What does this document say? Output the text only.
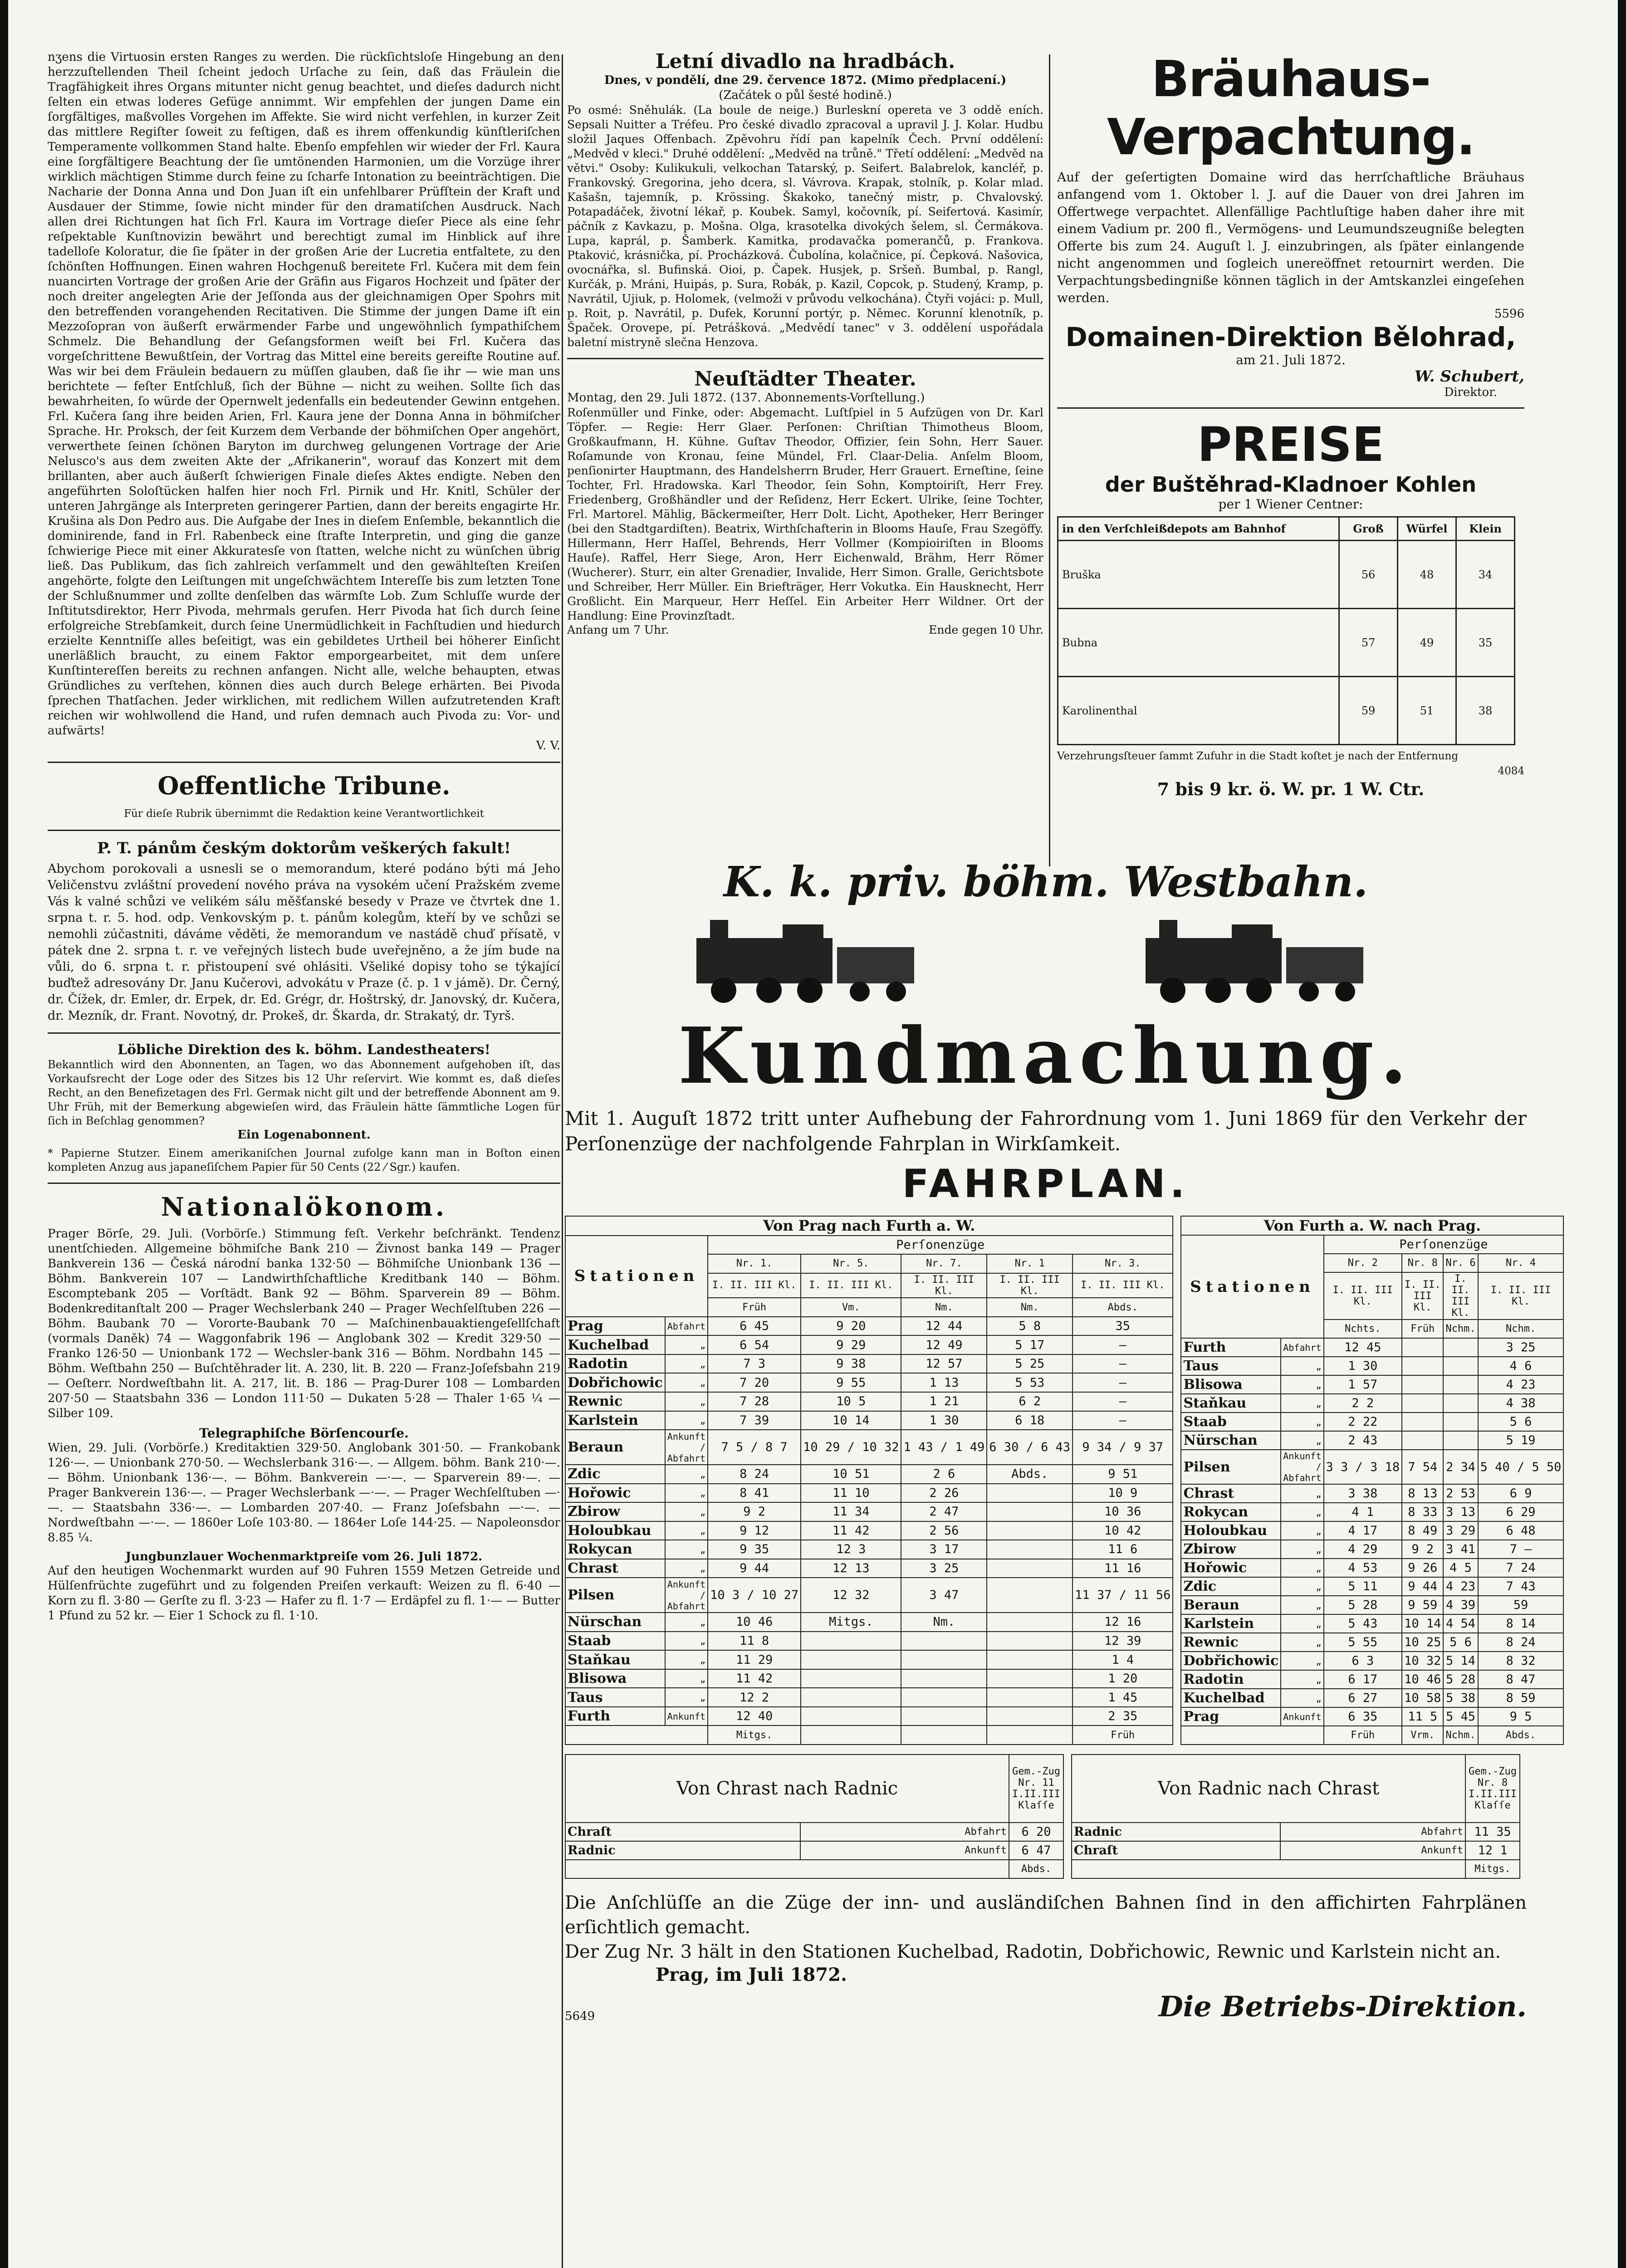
nʒens die Virtuosin ersten Ranges zu werden. Die rückſichtsloſe Hingebung an den herzzuſtellenden Theil ſcheint jedoch Urſache zu ſein, daß das Fräulein die Tragfähigkeit ihres Organs mitunter nicht genug beachtet, und dieſes dadurch nicht ſelten ein etwas loderes Gefüge annimmt. Wir empfehlen der jungen Dame ein ſorgfältiges, maßvolles Vorgehen im Affekte. Sie wird nicht verfehlen, in kurzer Zeit das mittlere Regiſter ſoweit zu feſtigen, daß es ihrem offenkundig künſtleriſchen Temperamente vollkommen Stand halte. Ebenſo empfehlen wir wieder der Frl. Kaura eine ſorgfältigere Beachtung der ſie umtönenden Harmonien, um die Vorzüge ihrer wirklich mächtigen Stimme durch feine zu ſcharfe Intonation zu beeinträchtigen. Die Nacharie der Donna Anna und Don Juan iſt ein unfehlbarer Prüfſtein der Kraft und Ausdauer der Stimme, ſowie nicht minder für den dramatiſchen Ausdruck. Nach allen drei Richtungen hat ſich Frl. Kaura im Vortrage dieſer Piece als eine ſehr reſpektable Kunſtnovizin bewährt und berechtigt zumal im Hinblick auf ihre tadelloſe Koloratur, die ſie ſpäter in der großen Arie der Lucretia entfaltete, zu den ſchönſten Hoffnungen. Einen wahren Hochgenuß bereitete Frl. Kučera mit dem fein nuancirten Vortrage der großen Arie der Gräfin aus Figaros Hochzeit und ſpäter der noch dreiter angelegten Arie der Jeſſonda aus der gleichnamigen Oper Spohrs mit den betreffenden vorangehenden Recitativen. Die Stimme der jungen Dame iſt ein Mezzoſopran von äußerſt erwärmender Farbe und ungewöhnlich ſympathiſchem Schmelz. Die Behandlung der Geſangsformen weiſt bei Frl. Kučera das vorgeſchrittene Bewußtſein, der Vortrag das Mittel eine bereits gereifte Routine auf. Was wir bei dem Fräulein bedauern zu müſſen glauben, daß ſie ihr — wie man uns berichtete — feſter Entſchluß, ſich der Bühne — nicht zu weihen. Sollte ſich das bewahrheiten, ſo würde der Opernwelt jedenfalls ein bedeutender Gewinn entgehen. Frl. Kučera ſang ihre beiden Arien, Frl. Kaura jene der Donna Anna in böhmiſcher Sprache. Hr. Proksch, der ſeit Kurzem dem Verbande der böhmiſchen Oper angehört, verwerthete ſeinen ſchönen Baryton im durchweg gelungenen Vortrage der Arie Nelusco's aus dem zweiten Akte der „Afrikanerin", worauf das Konzert mit dem brillanten, aber auch äußerſt ſchwierigen Finale dieſes Aktes endigte. Neben den angeführten Soloſtücken halfen hier noch Frl. Pirnik und Hr. Knitl, Schüler der unteren Jahrgänge als Interpreten geringerer Partien, dann der bereits engagirte Hr. Krušina als Don Pedro aus. Die Aufgabe der Ines in dieſem Enſemble, bekanntlich die dominirende, fand in Frl. Rabenbeck eine ſtrafte Interpretin, und ging die ganze ſchwierige Piece mit einer Akkuratesſe von ſtatten, welche nicht zu wünſchen übrig ließ. Das Publikum, das ſich zahlreich verſammelt und den gewählteſten Kreiſen angehörte, folgte den Leiſtungen mit ungeſchwächtem Intereſſe bis zum letzten Tone der Schlußnummer und zollte denſelben das wärmſte Lob. Zum Schluſſe wurde der Inſtitutsdirektor, Herr Pivoda, mehrmals gerufen. Herr Pivoda hat ſich durch ſeine erfolgreiche Strebſamkeit, durch ſeine Unermüdlichkeit in Fachſtudien und hiedurch erzielte Kenntniſſe alles beſeitigt, was ein gebildetes Urtheil bei höherer Einſicht unerläßlich braucht, zu einem Faktor emporgearbeitet, mit dem unſere Kunſtintereſſen bereits zu rechnen anfangen. Nicht alle, welche behaupten, etwas Gründliches zu verſtehen, können dies auch durch Belege erhärten. Bei Pivoda ſprechen Thatſachen. Jeder wirklichen, mit redlichem Willen aufzutretenden Kraft reichen wir wohlwollend die Hand, und rufen demnach auch Pivoda zu: Vor- und aufwärts!

V. V.

Oeffentliche Tribune.

Für dieſe Rubrik übernimmt die Redaktion keine Verantwortlichkeit

P. T. pánům českým doktorům veškerých fakult!

Abychom porokovali a usnesli se o memorandum, které podáno býti má Jeho Veličenstvu zvláštní provedení nového práva na vysokém učení Pražském zveme Vás k valné schůzi ve velikém sálu měšťanské besedy v Praze ve čtvrtek dne 1. srpna t. r. 5. hod. odp. Venkovským p. t. pánům kolegům, kteří by ve schůzi se nemohli zúčastniti, dáváme věděti, že memorandum ve nastádě chuď přísatě, v pátek dne 2. srpna t. r. ve veřejných listech bude uveřejněno, a že jím bude na vůli, do 6. srpna t. r. přistoupení své ohlásiti. Všeliké dopisy toho se týkající buďtež adresovány Dr. Janu Kučerovi, advokátu v Praze (č. p. 1 v jámě). Dr. Černý, dr. Čížek, dr. Emler, dr. Erpek, dr. Ed. Grégr, dr. Hoštrský, dr. Janovský, dr. Kučera, dr. Mezník, dr. Frant. Novotný, dr. Prokeš, dr. Škarda, dr. Strakatý, dr. Tyrš.

Löbliche Direktion des k. böhm. Landestheaters!

Bekanntlich wird den Abonnenten, an Tagen, wo das Abonnement aufgehoben iſt, das Vorkaufsrecht der Loge oder des Sitzes bis 12 Uhr reſervirt. Wie kommt es, daß dieſes Recht, an den Benefizetagen des Frl. Germak nicht gilt und der betreffende Abonnent am 9. Uhr Früh, mit der Bemerkung abgewieſen wird, das Fräulein hätte ſämmtliche Logen für ſich in Beſchlag genommen?

Ein Logenabonnent.

* Papierne Stutzer. Einem amerikaniſchen Journal zufolge kann man in Boſton einen kompleten Anzug aus japaneſiſchem Papier für 50 Cents (22 ⁄ Sgr.) kaufen.

Nationalökonom.

Prager Börſe, 29. Juli. (Vorbörſe.) Stimmung feſt. Verkehr beſchränkt. Tendenz unentſchieden. Allgemeine böhmiſche Bank 210 — Živnost banka 149 — Prager Bankverein 136 — Česká národní banka 132·50 — Böhmiſche Unionbank 136 — Böhm. Bankverein 107 — Landwirthſchaftliche Kreditbank 140 — Böhm. Escomptebank 205 — Vorſtädt. Bank 92 — Böhm. Sparverein 89 — Böhm. Bodenkreditanſtalt 200 — Prager Wechslerbank 240 — Prager Wechſelſtuben 226 — Böhm. Baubank 70 — Vororte-Baubank 70 — Maſchinenbauaktiengeſellſchaft (vormals Daněk) 74 — Waggonfabrik 196 — Anglobank 302 — Kredit 329·50 — Franko 126·50 — Unionbank 172 — Wechsler-bank 316 — Böhm. Nordbahn 145 — Böhm. Weſtbahn 250 — Buſchtěhrader lit. A. 230, lit. B. 220 — Franz-Joſefsbahn 219 — Oeſterr. Nordweſtbahn lit. A. 217, lit. B. 186 — Prag-Durer 108 — Lombarden 207·50 — Staatsbahn 336 — London 111·50 — Dukaten 5·28 — Thaler 1·65 ¼ — Silber 109.

Telegraphiſche Börſencourſe.

Wien, 29. Juli. (Vorbörſe.) Kreditaktien 329·50. Anglobank 301·50. — Frankobank 126·—. — Unionbank 270·50. — Wechslerbank 316·—. — Allgem. böhm. Bank 210·—. — Böhm. Unionbank 136·—. — Böhm. Bankverein —·—. — Sparverein 89·—. — Prager Bankverein 136·—. — Prager Wechslerbank —·—. — Prager Wechſelſtuben —·—. — Staatsbahn 336·—. — Lombarden 207·40. — Franz Joſefsbahn —·—. — Nordweſtbahn —·—. — 1860er Loſe 103·80. — 1864er Loſe 144·25. — Napoleonsdor 8.85 ¼.

Jungbunzlauer Wochenmarktpreiſe vom 26. Juli 1872.

Auf den heutigen Wochenmarkt wurden auf 90 Fuhren 1559 Metzen Getreide und Hülſenfrüchte zugeführt und zu folgenden Preiſen verkauft: Weizen zu fl. 6·40 — Korn zu fl. 3·80 — Gerſte zu fl. 3·23 — Hafer zu fl. 1·7 — Erdäpfel zu fl. 1·— — Butter 1 Pfund zu 52 kr. — Eier 1 Schock zu fl. 1·10.

Letní divadlo na hradbách.

Dnes, v pondělí, dne 29. července 1872. (Mimo předplacení.)

(Začátek o půl šesté hodině.)

Po osmé: Sněhulák. (La boule de neige.) Burleskní opereta ve 3 oddě eních. Sepsali Nuitter a Tréfeu. Pro české divadlo zpracoval a upravil J. J. Kolar. Hudbu složil Jaques Offenbach. Zpěvohru řídí pan kapelník Čech. První oddělení: „Medvěd v kleci." Druhé oddělení: „Medvěd na trůně." Třetí oddělení: „Medvěd na větvi." Osoby: Kulikukuli, velkochan Tatarský, p. Seifert. Balabrelok, kancléř, p. Frankovský. Gregorina, jeho dcera, sl. Vávrova. Krapak, stolník, p. Kolar mlad. Kašašn, tajemník, p. Krössing. Škakoko, tanečný mistr, p. Chvalovský. Potapadáček, životní lékař, p. Koubek. Samyl, kočovník, pí. Seifertová. Kasimír, páčník z Kavkazu, p. Mošna. Olga, krasotelka divokých šelem, sl. Čermákova. Lupa, kaprál, p. Šamberk. Kamitka, prodavačka pomerančů, p. Frankova. Ptaković, krásnička, pí. Procházková. Čubolína, kolačnice, pí. Čepková. Našovica, ovocnářka, sl. Bufinská. Oioi, p. Čapek. Husjek, p. Sršeň. Bumbal, p. Rangl, Kurčák, p. Mráni, Huipás, p. Sura, Robák, p. Kazil, Copcok, p. Studený, Kramp, p. Navrátil, Ujiuk, p. Holomek, (velmoži v průvodu velkochána). Čtyři vojáci: p. Mull, p. Roit, p. Navrátil, p. Dufek, Korunní portýr, p. Němec. Korunní klenotník, p. Špaček. Orovepe, pí. Petrášková. „Medvědí tanec" v 3. oddělení uspořádala baletní mistryně slečna Henzova.

Neuſtädter Theater.

Montag, den 29. Juli 1872. (137. Abonnements-Vorſtellung.)

Roſenmüller und Finke, oder: Abgemacht. Luſtſpiel in 5 Aufzügen von Dr. Karl Töpfer. — Regie: Herr Glaer. Perſonen: Chriſtian Thimotheus Bloom, Großkaufmann, H. Kühne. Guſtav Theodor, Offizier, ſein Sohn, Herr Sauer. Roſamunde von Kronau, ſeine Mündel, Frl. Claar-Delia. Anſelm Bloom, penſionirter Hauptmann, des Handelsherrn Bruder, Herr Grauert. Erneſtine, ſeine Tochter, Frl. Hradowska. Karl Theodor, ſein Sohn, Komptoiriſt, Herr Frey. Friedenberg, Großhändler und der Reſidenz, Herr Eckert. Ulrike, ſeine Tochter, Frl. Martorel. Mählig, Bäckermeiſter, Herr Dolt. Licht, Apotheker, Herr Beringer (bei den Stadtgardiſten). Beatrix, Wirthſchafterin in Blooms Hauſe, Frau Szegöffy. Hillermann, Herr Haſſel, Behrends, Herr Vollmer (Kompioiriſten in Blooms Hauſe). Raffel, Herr Siege, Aron, Herr Eichenwald, Brähm, Herr Römer (Wucherer). Sturr, ein alter Grenadier, Invalide, Herr Simon. Gralle, Gerichtsbote und Schreiber, Herr Müller. Ein Briefträger, Herr Vokutka. Ein Hausknecht, Herr Großlicht. Ein Marqueur, Herr Heſſel. Ein Arbeiter Herr Wildner. Ort der Handlung: Eine Provinzſtadt.

Anfang um 7 Uhr.	Ende gegen 10 Uhr.

Bräuhaus-Verpachtung.

Auf der geſertigten Domaine wird das herrſchaftliche Bräuhaus anfangend vom 1. Oktober l. J. auf die Dauer von drei Jahren im Offertwege verpachtet. Allenfällige Pachtluſtige haben daher ihre mit einem Vadium pr. 200 fl., Vermögens- und Leumundszeugniße belegten Offerte bis zum 24. Auguſt l. J. einzubringen, als ſpäter einlangende nicht angenommen und ſogleich unereöffnet retournirt werden. Die Verpachtungsbedingniße können täglich in der Amtskanzlei eingeſehen werden.

5596

Domainen-Direktion Bělohrad,

am 21. Juli 1872.

W. Schubert,

Direktor.

PREISE

der Buštěhrad-Kladnoer Kohlen

per 1 Wiener Centner:

in den Verſchleißdepots am Bahnhof	Groß	Würfel	Klein
Bruška	56	48	34
Bubna	57	49	35
Karolinenthal	59	51	38

Verzehrungsſteuer ſammt Zufuhr in die Stadt koſtet je nach der Entfernung

4084

7 bis 9 kr. ö. W. pr. 1 W. Ctr.

K. k. priv. böhm. Westbahn.

Kundmachung.

Mit 1. Auguſt 1872 tritt unter Aufhebung der Fahrordnung vom 1. Juni 1869 für den Verkehr der Perſonenzüge der nachfolgende Fahrplan in Wirkſamkeit.

FAHRPLAN.

Von Prag nach Furth a. W.						
Stationen		Perſonenzüge				
		Nr. 1.	Nr. 5.	Nr. 7.	Nr. 1	Nr. 3.
		I. II. III Kl.	I. II. III Kl.	I. II. III Kl.	I. II. III Kl.	I. II. III Kl.
		Früh	Vm.	Nm.	Nm.	Abds.
Prag	Abfahrt	6 45	9 20	12 44	5 8	35
Kuchelbad	„	6 54	9 29	12 49	5 17	—
Radotin	„	7 3	9 38	12 57	5 25	—
Dobřichowic	„	7 20	9 55	1 13	5 53	—
Rewnic	„	7 28	10 5	1 21	6 2	—
Karlstein	„	7 39	10 14	1 30	6 18	—
Beraun	Ankunft / Abfahrt	7 5 / 8 7	10 29 / 10 32	1 43 / 1 49	6 30 / 6 43	9 34 / 9 37
Zdic	„	8 24	10 51	2 6	Abds.	9 51
Hořowic	„	8 41	11 10	2 26		10 9
Zbirow	„	9 2	11 34	2 47		10 36
Holoubkau	„	9 12	11 42	2 56		10 42
Rokycan	„	9 35	12 3	3 17		11 6
Chrast	„	9 44	12 13	3 25		11 16
Pilsen	Ankunft / Abfahrt	10 3 / 10 27	12 32	3 47		11 37 / 11 56
Nürschan	„	10 46	Mitgs.	Nm.		12 16
Staab	„	11 8				12 39
Staňkau	„	11 29				1 4
Blisowa	„	11 42				1 20
Taus	„	12 2				1 45
Furth	Ankunft	12 40				2 35
		Mitgs.				Früh
Von Furth a. W. nach Prag.					
Stationen		Perſonenzüge			
		Nr. 2	Nr. 8	Nr. 6	Nr. 4
		I. II. III Kl.	I. II. III Kl.	I. II. III Kl.	I. II. III Kl.
		Nchts.	Früh	Nchm.	Nchm.
Furth	Abfahrt	12 45			3 25
Taus	„	1 30			4 6
Blisowa	„	1 57			4 23
Staňkau	„	2 2			4 38
Staab	„	2 22			5 6
Nürschan	„	2 43			5 19
Pilsen	Ankunft / Abfahrt	3 3 / 3 18	7 54	2 34	5 40 / 5 50
Chrast	„	3 38	8 13	2 53	6 9
Rokycan	„	4 1	8 33	3 13	6 29
Holoubkau	„	4 17	8 49	3 29	6 48
Zbirow	„	4 29	9 2	3 41	7 —
Hořowic	„	4 53	9 26	4 5	7 24
Zdic	„	5 11	9 44	4 23	7 43
Beraun	„	5 28	9 59	4 39	59
Karlstein	„	5 43	10 14	4 54	8 14
Rewnic	„	5 55	10 25	5 6	8 24
Dobřichowic	„	6 3	10 32	5 14	8 32
Radotin	„	6 17	10 46	5 28	8 47
Kuchelbad	„	6 27	10 58	5 38	8 59
Prag	Ankunft	6 35	11 5	5 45	9 5
		Früh	Vrm.	Nchm.	Abds.
Von Chrast nach Radnic		Gem.-Zug Nr. 11 I.II.III Klaſſe
Chraſt	Abfahrt	6 20
Radnic	Ankunft	6 47
		Abds.
Von Radnic nach Chrast		Gem.-Zug Nr. 8 I.II.III Klaſſe
Radnic	Abfahrt	11 35
Chraſt	Ankunft	12 1
		Mitgs.

Die Anſchlüſſe an die Züge der inn- und ausländiſchen Bahnen ſind in den affichirten Fahrplänen erſichtlich gemacht.

Der Zug Nr. 3 hält in den Stationen Kuchelbad, Radotin, Dobřichowic, Rewnic und Karlstein nicht an.

Prag, im Juli 1872.

5649	Die Betriebs-Direktion.
